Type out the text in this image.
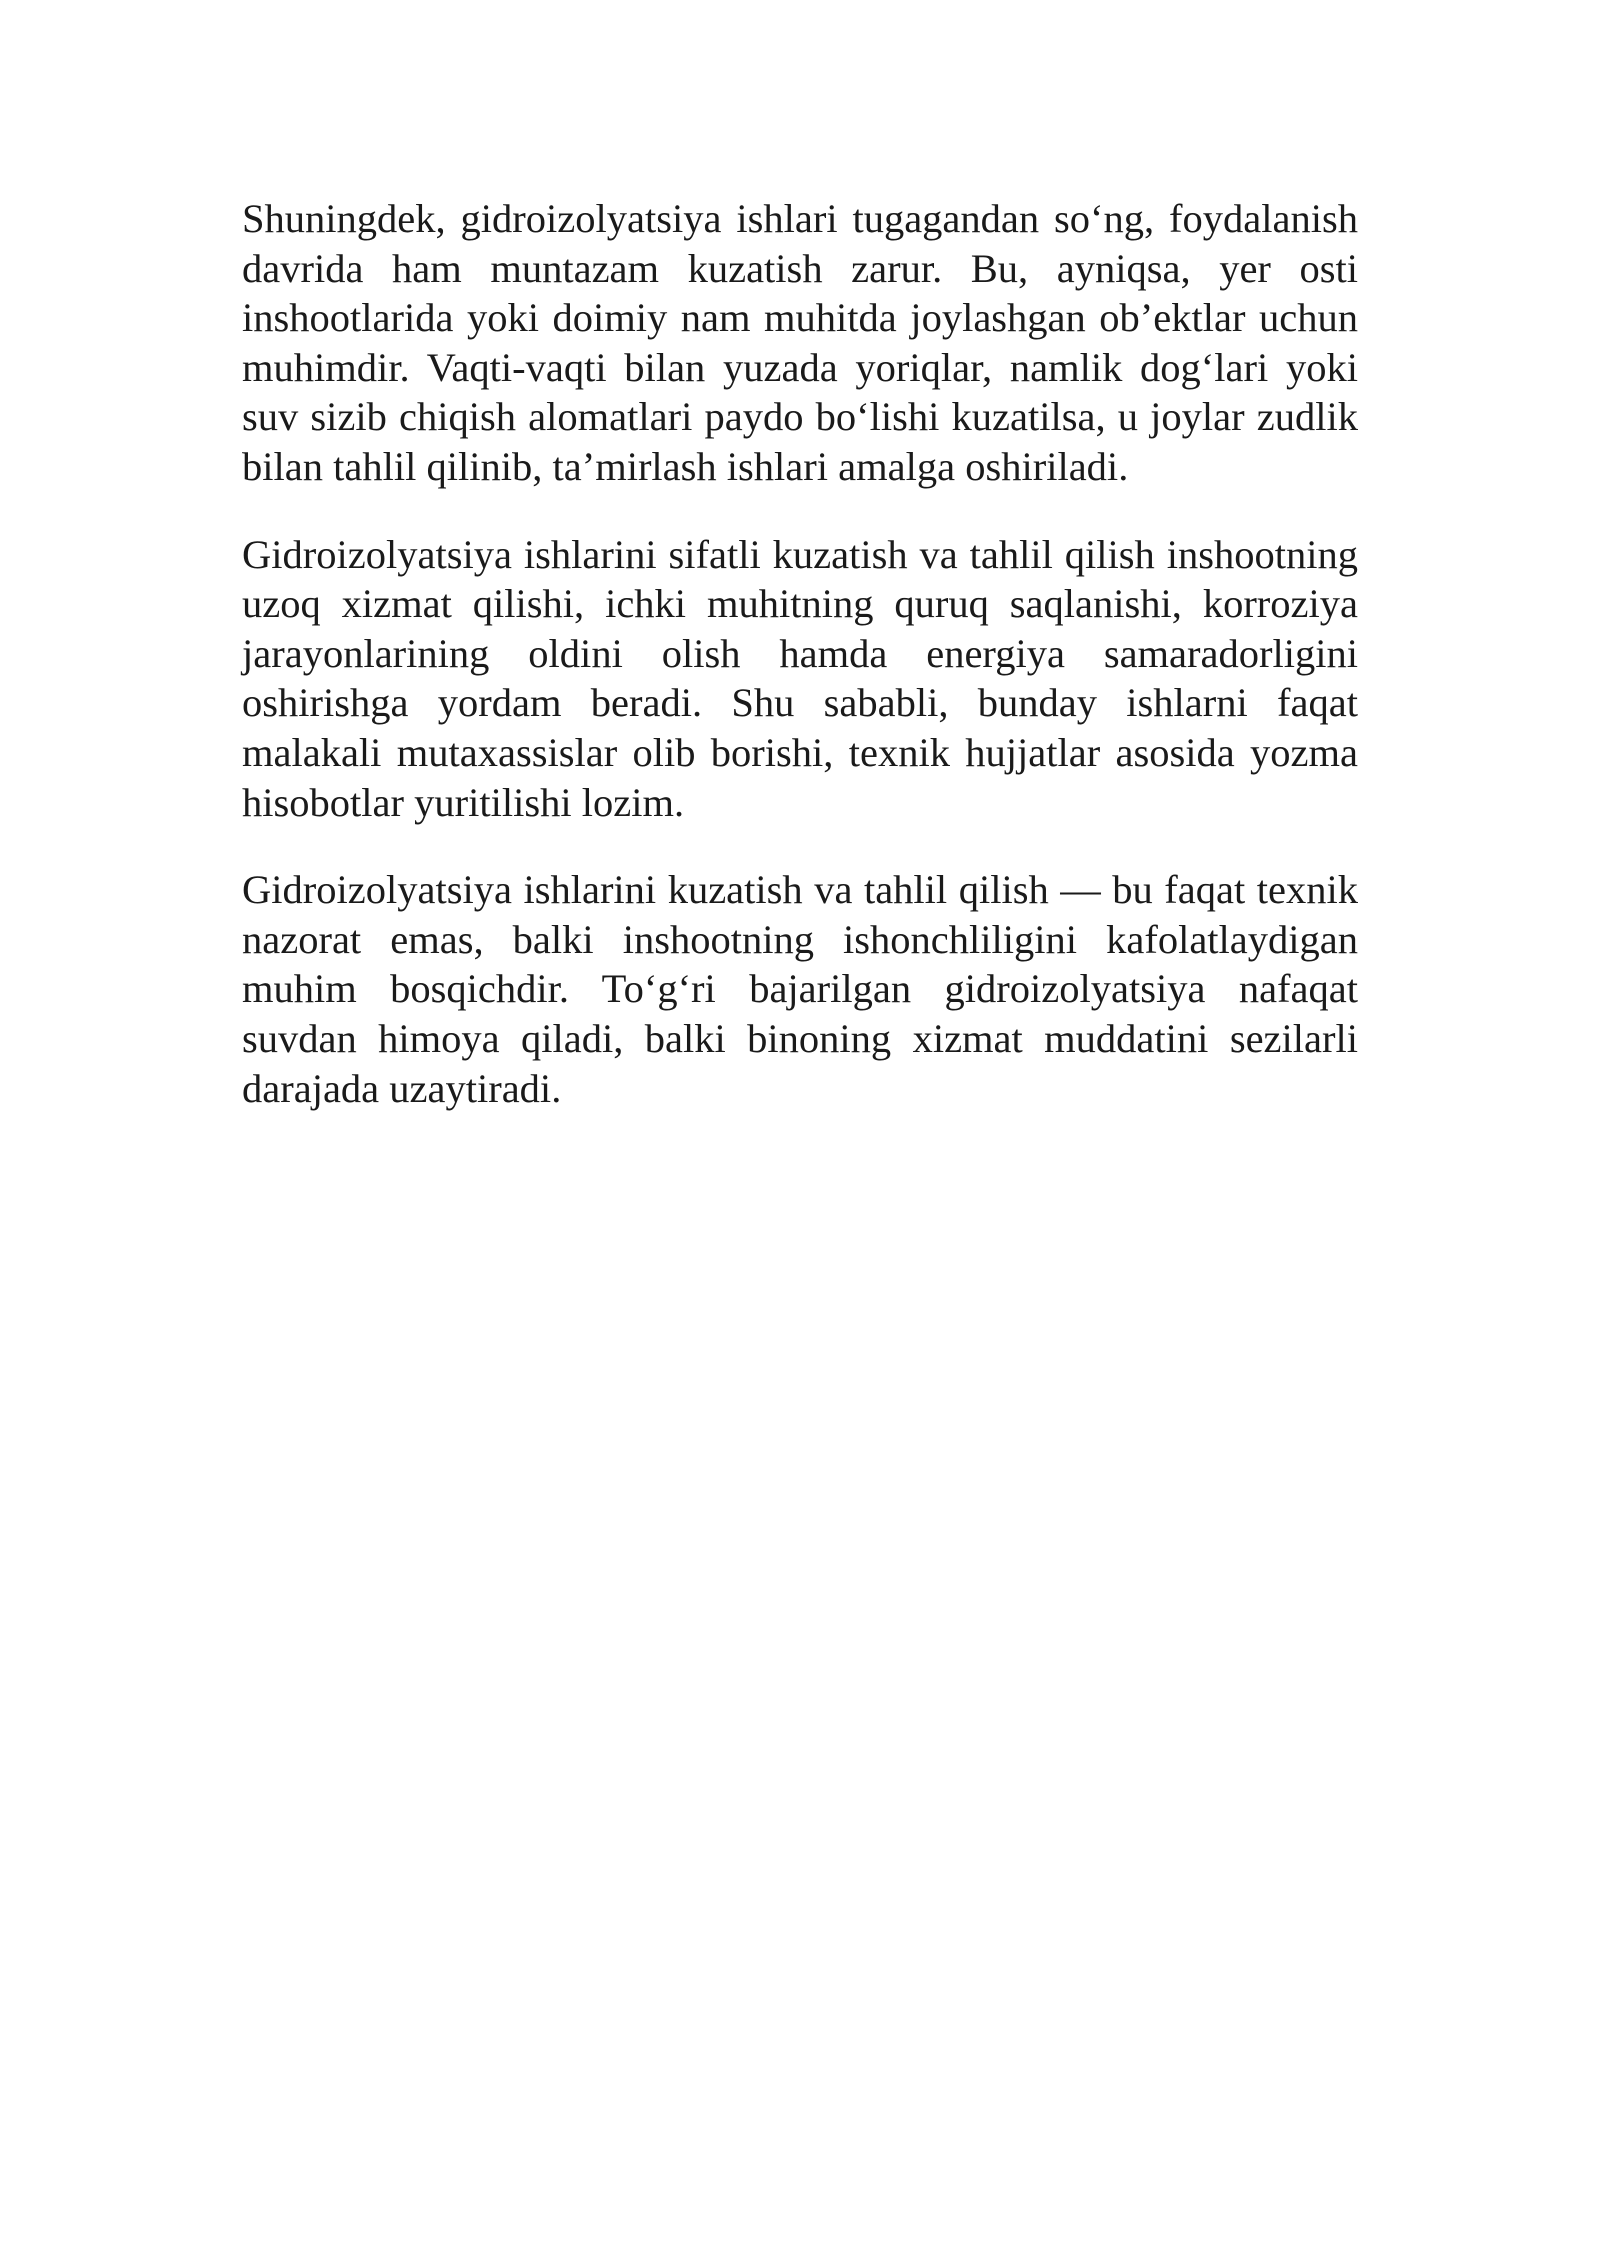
Shuningdek, gidroizolyatsiya ishlari tugagandan so‘ng, foydalanish davrida ham muntazam kuzatish zarur. Bu, ayniqsa, yer osti inshootlarida yoki doimiy nam muhitda joylashgan ob’ektlar uchun muhimdir. Vaqti-vaqti bilan yuzada yoriqlar, namlik dog‘lari yoki suv sizib chiqish alomatlari paydo bo‘lishi kuzatilsa, u joylar zudlik bilan tahlil qilinib, ta’mirlash ishlari amalga oshiriladi.

Gidroizolyatsiya ishlarini sifatli kuzatish va tahlil qilish inshootning uzoq xizmat qilishi, ichki muhitning quruq saqlanishi, korroziya jarayonlarining oldini olish hamda energiya samaradorligini oshirishga yordam beradi. Shu sababli, bunday ishlarni faqat malakali mutaxassislar olib borishi, texnik hujjatlar asosida yozma hisobotlar yuritilishi lozim.

Gidroizolyatsiya ishlarini kuzatish va tahlil qilish — bu faqat texnik nazorat emas, balki inshootning ishonchliligini kafolatlaydigan muhim bosqichdir. To‘g‘ri bajarilgan gidroizolyatsiya nafaqat suvdan himoya qiladi, balki binoning xizmat muddatini sezilarli darajada uzaytiradi.
